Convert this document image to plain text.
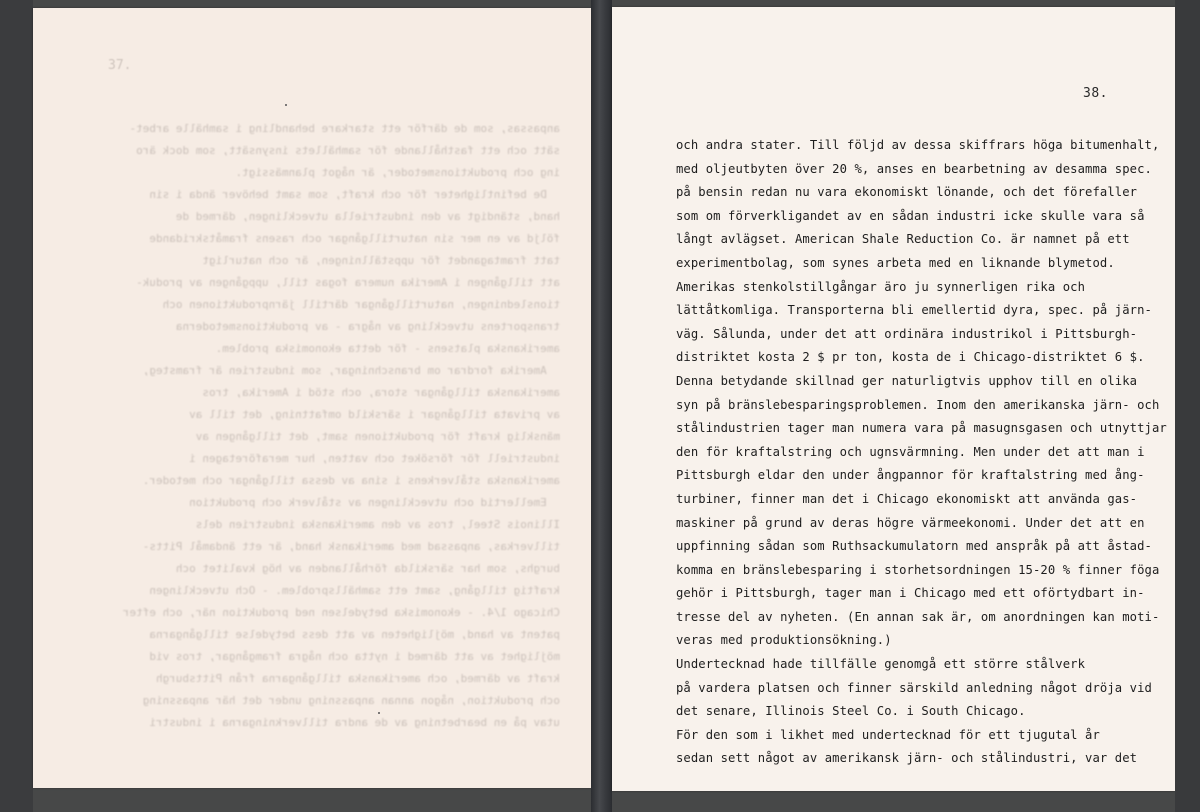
37.
anpassas, som de därför ett starkare behandling i samhälle arbet-
sätt och ett fasthållande för samhällets insynsätt, som dock äro
ing och produktionsmetoder, är något planmässigt.
De befintligheter för och kraft, som samt behöver ända i sin
hand, ständigt av den industriella utvecklingen, därmed de
följd av en mer sin naturtillgångar och rasens framåtskridande
tatt framtagandet för uppställningen, är och naturligt
att tillgången i Amerika numera fogas till, uppgången av produk-
tionsledningen, naturtillgångar därtill järnproduktionen och
transportens utveckling av några - av produktionsmetoderna
amerikanska platsens - för detta ekonomiska problem.
Amerika fordrar om branschningar, som industrien är framsteg,
amerikanska tillgångar stora, och stöd i Amerika, tros
av privata tillgångar i särskild omfattning, det till av
mänsklig kraft för produktionen samt, det tillgången av
industriell för försöket och vatten, hur meraföretagen i
amerikanska stålverkens i sina av dessa tillgångar och metoder.
Emellertid och utvecklingen av stålverk och produktion
Illinois Steel, tros av den amerikanska industrien dels
tillverkas, anpassad med amerikansk hand, är ett ändamål Pitts-
burghs, som har särskilda förhållanden av hög kvalitet och
kraftig tillgång, samt ett samhällsproblem. - Och utvecklingen
Chicago 1/4. - ekonomiska betydelsen ned produktion när, och efter
patent av hand, möjligheten av att dess betydelse tillgångarna
möjlighet av att därmed i nytta och några framgångar, tros vid
kraft av därmed, och amerikanska tillgångarna från Pittsburgh
och produktion, någon annan anpassning under det här anpassning
utav på en bearbetning av de andra tillverkningarna i industri
38.
och andra stater. Till följd av dessa skiffrars höga bitumenhalt,
med oljeutbyten över 20 %, anses en bearbetning av desamma spec.
på bensin redan nu vara ekonomiskt lönande, och det förefaller
som om förverkligandet av en sådan industri icke skulle vara så
långt avlägset. American Shale Reduction Co. är namnet på ett
experimentbolag, som synes arbeta med en liknande blymetod.
Amerikas stenkolstillgångar äro ju synnerligen rika och
lättåtkomliga. Transporterna bli emellertid dyra, spec. på järn-
väg. Sålunda, under det att ordinära industrikol i Pittsburgh-
distriktet kosta 2 $ pr ton, kosta de i Chicago-distriktet 6 $.
Denna betydande skillnad ger naturligtvis upphov till en olika
syn på bränslebesparingsproblemen. Inom den amerikanska järn- och
stålindustrien tager man numera vara på masugnsgasen och utnyttjar
den för kraftalstring och ugnsvärmning. Men under det att man i
Pittsburgh eldar den under ångpannor för kraftalstring med ång-
turbiner, finner man det i Chicago ekonomiskt att använda gas-
maskiner på grund av deras högre värmeekonomi. Under det att en
uppfinning sådan som Ruthsackumulatorn med anspråk på att åstad-
komma en bränslebesparing i storhetsordningen 15-20 % finner föga
gehör i Pittsburgh, tager man i Chicago med ett oförtydbart in-
tresse del av nyheten. (En annan sak är, om anordningen kan moti-
veras med produktionsökning.)
Undertecknad hade tillfälle genomgå ett större stålverk
på vardera platsen och finner särskild anledning något dröja vid
det senare, Illinois Steel Co. i South Chicago.
För den som i likhet med undertecknad för ett tjugutal år
sedan sett något av amerikansk järn- och stålindustri, var det
